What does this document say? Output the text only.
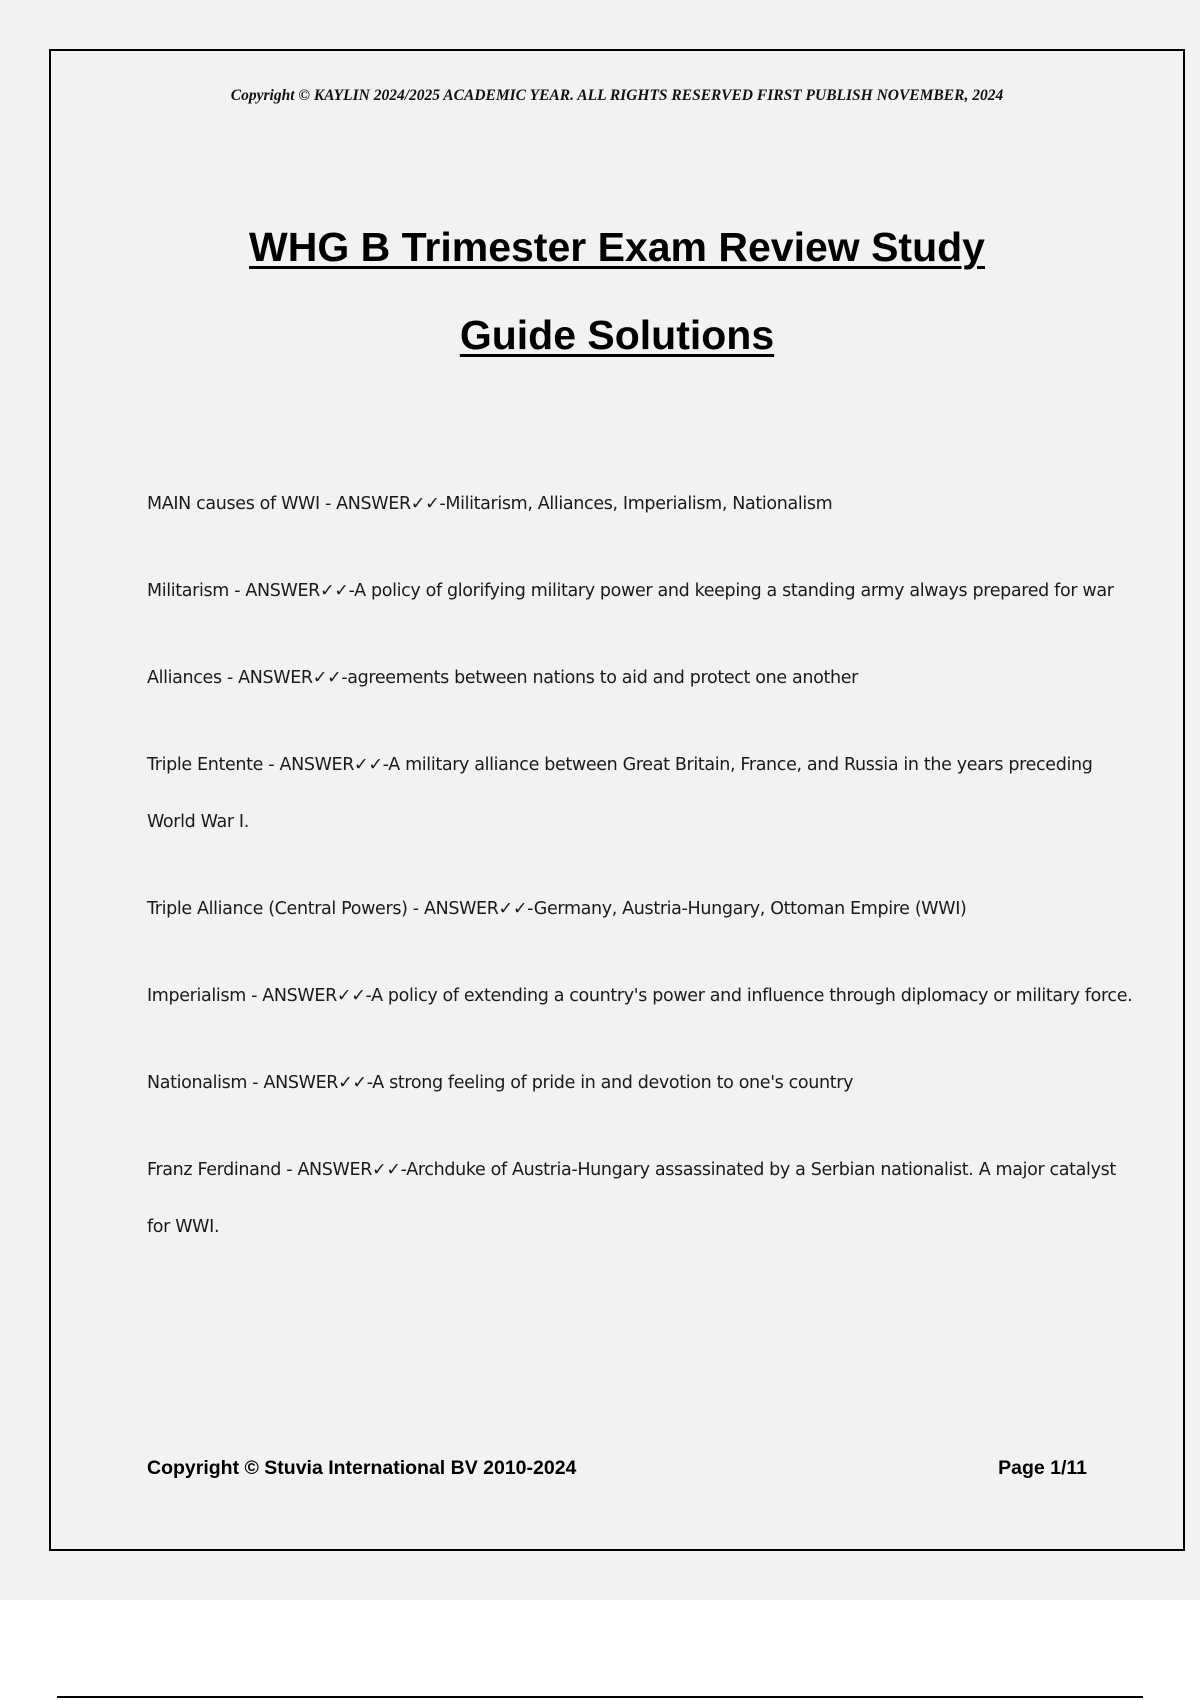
Copyright © KAYLIN 2024/2025 ACADEMIC YEAR. ALL RIGHTS RESERVED FIRST PUBLISH NOVEMBER, 2024
WHG B Trimester Exam Review Study
Guide Solutions
MAIN causes of WWI - ANSWER✓✓-Militarism, Alliances, Imperialism, Nationalism
Militarism - ANSWER✓✓-A policy of glorifying military power and keeping a standing army always prepared for war
Alliances - ANSWER✓✓-agreements between nations to aid and protect one another
Triple Entente - ANSWER✓✓-A military alliance between Great Britain, France, and Russia in the years preceding World War I.
Triple Alliance (Central Powers) - ANSWER✓✓-Germany, Austria-Hungary, Ottoman Empire (WWI)
Imperialism - ANSWER✓✓-A policy of extending a country's power and influence through diplomacy or military force.
Nationalism - ANSWER✓✓-A strong feeling of pride in and devotion to one's country
Franz Ferdinand - ANSWER✓✓-Archduke of Austria-Hungary assassinated by a Serbian nationalist. A major catalyst for WWI.
Copyright © Stuvia International BV 2010-2024	Page 1/11
